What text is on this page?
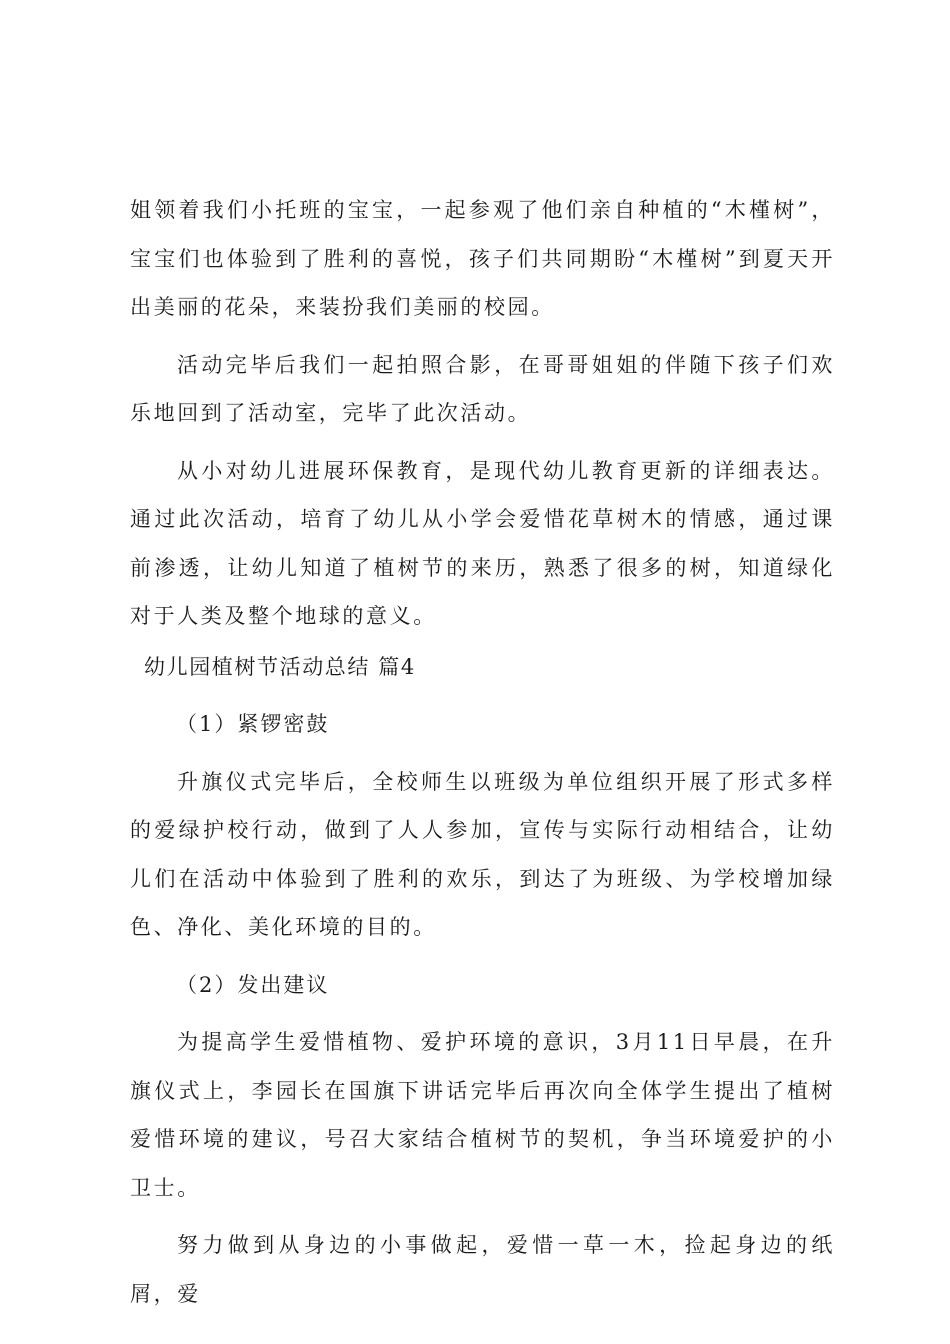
姐领着我们小托班的宝宝，一起参观了他们亲自种植的“木槿树”，宝宝们也体验到了胜利的喜悦，孩子们共同期盼“木槿树”到夏天开出美丽的花朵，来装扮我们美丽的校园。

活动完毕后我们一起拍照合影，在哥哥姐姐的伴随下孩子们欢乐地回到了活动室，完毕了此次活动。

从小对幼儿进展环保教育，是现代幼儿教育更新的详细表达。通过此次活动，培育了幼儿从小学会爱惜花草树木的情感，通过课前渗透，让幼儿知道了植树节的来历，熟悉了很多的树，知道绿化对于人类及整个地球的意义。

幼儿园植树节活动总结 篇4

（1）紧锣密鼓

升旗仪式完毕后，全校师生以班级为单位组织开展了形式多样的爱绿护校行动，做到了人人参加，宣传与实际行动相结合，让幼儿们在活动中体验到了胜利的欢乐，到达了为班级、为学校增加绿色、净化、美化环境的目的。

（2）发出建议

为提高学生爱惜植物、爱护环境的意识，3月11日早晨，在升旗仪式上，李园长在国旗下讲话完毕后再次向全体学生提出了植树爱惜环境的建议，号召大家结合植树节的契机，争当环境爱护的小卫士。

努力做到从身边的小事做起，爱惜一草一木，捡起身边的纸屑，爱
